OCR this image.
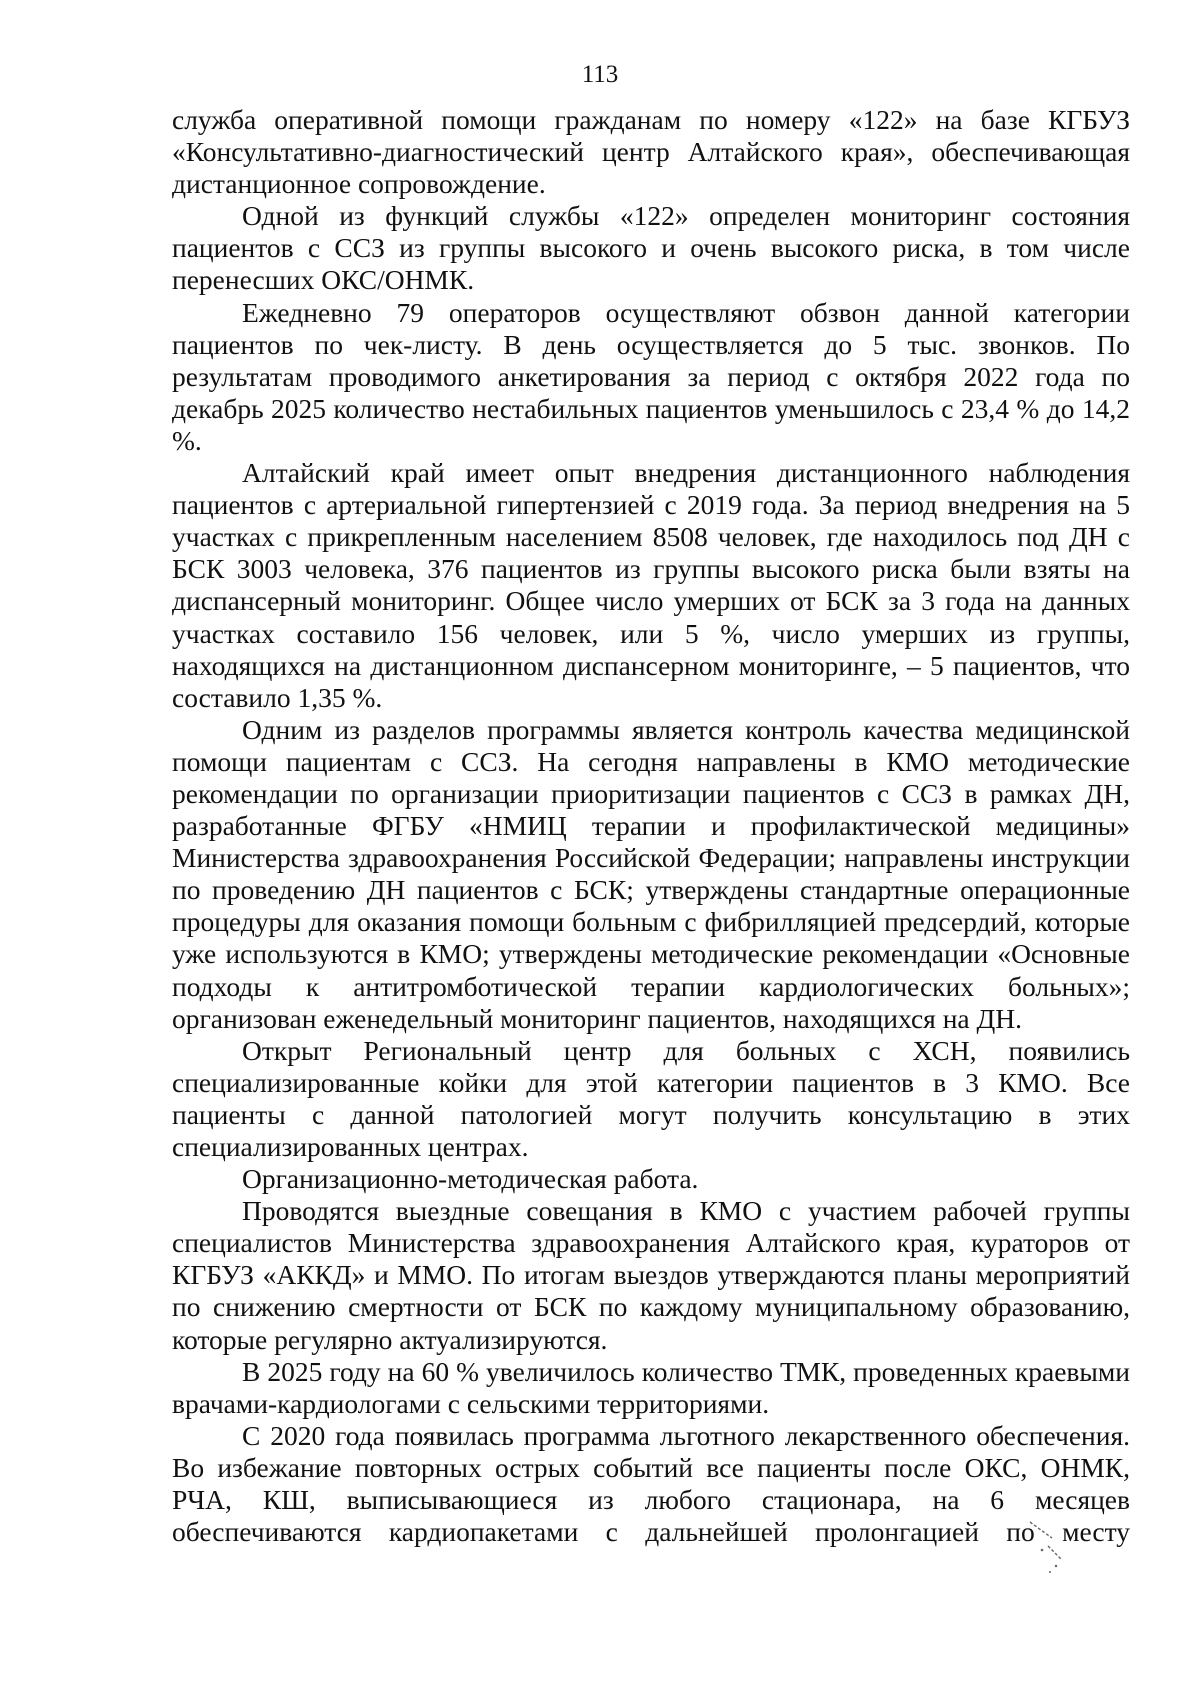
113

служба оперативной помощи гражданам по номеру «122» на базе КГБУЗ «Консультативно-диагностический центр Алтайского края», обеспечивающая дистанционное сопровождение.

Одной из функций службы «122» определен мониторинг состояния пациентов с ССЗ из группы высокого и очень высокого риска, в том числе перенесших ОКС/ОНМК.

Ежедневно 79 операторов осуществляют обзвон данной категории пациентов по чек-листу. В день осуществляется до 5 тыс. звонков. По результатам проводимого анкетирования за период с октября 2022 года по декабрь 2025 количество нестабильных пациентов уменьшилось с 23,4 % до 14,2 %.

Алтайский край имеет опыт внедрения дистанционного наблюдения пациентов с артериальной гипертензией с 2019 года. За период внедрения на 5 участках с прикрепленным населением 8508 человек, где находилось под ДН с БСК 3003 человека, 376 пациентов из группы высокого риска были взяты на диспансерный мониторинг. Общее число умерших от БСК за 3 года на данных участках составило 156 человек, или 5 %, число умерших из группы, находящихся на дистанционном диспансерном мониторинге, – 5 пациентов, что составило 1,35 %.

Одним из разделов программы является контроль качества медицинской помощи пациентам с ССЗ. На сегодня направлены в КМО методические рекомендации по организации приоритизации пациентов с ССЗ в рамках ДН, разработанные ФГБУ «НМИЦ терапии и профилактической медицины» Министерства здравоохранения Российской Федерации; направлены инструкции по проведению ДН пациентов с БСК; утверждены стандартные операционные процедуры для оказания помощи больным с фибрилляцией предсердий, которые уже используются в КМО; утверждены методические рекомендации «Основные подходы к антитромботической терапии кардиологических больных»; организован еженедельный мониторинг пациентов, находящихся на ДН.

Открыт Региональный центр для больных с ХСН, появились специализированные койки для этой категории пациентов в 3 КМО. Все пациенты с данной патологией могут получить консультацию в этих специализированных центрах.

Организационно-методическая работа.

Проводятся выездные совещания в КМО с участием рабочей группы специалистов Министерства здравоохранения Алтайского края, кураторов от КГБУЗ «АККД» и ММО. По итогам выездов утверждаются планы мероприятий по снижению смертности от БСК по каждому муниципальному образованию, которые регулярно актуализируются.

В 2025 году на 60 % увеличилось количество ТМК, проведенных краевыми врачами-кардиологами с сельскими территориями.

С 2020 года появилась программа льготного лекарственного обеспечения. Во избежание повторных острых событий все пациенты после ОКС, ОНМК, РЧА, КШ, выписывающиеся из любого стационара, на 6 месяцев обеспечиваются кардиопакетами с дальнейшей пролонгацией по месту
